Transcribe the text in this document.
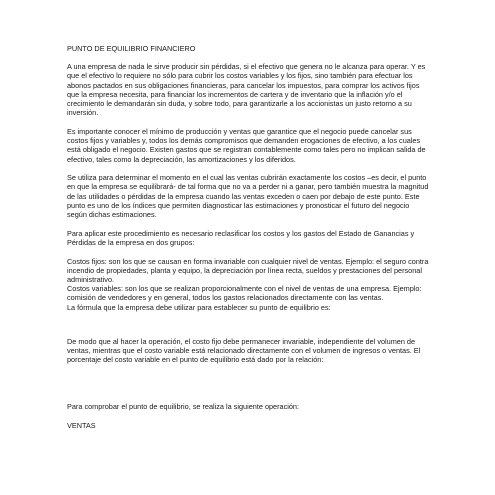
PUNTO DE EQUILIBRIO FINANCIERO

A una empresa de nada le sirve producir sin pérdidas, si el efectivo que genera no le alcanza para operar. Y es que el efectivo lo requiere no sólo para cubrir los costos variables y los fijos, sino también para efectuar los abonos pactados en sus obligaciones financieras, para cancelar los impuestos, para comprar los activos fijos que la empresa necesita, para financiar los incrementos de cartera y de inventario que la inflación y/o el crecimiento le demandarán sin duda, y sobre todo, para garantizarle a los accionistas un justo retorno a su inversión.

Es importante conocer el mínimo de producción y ventas que garantice que el negocio puede cancelar sus costos fijos y variables y, todos los demás compromisos que demanden erogaciones de efectivo, a los cuales está obligado el negocio. Existen gastos que se registran contablemente como tales pero no implican salida de efectivo, tales como la depreciación, las amortizaciones y los diferidos.

Se utiliza para determinar el momento en el cual las ventas cubrirán exactamente los costos –es decir, el punto en que la empresa se equilibrará- de tal forma que no va a perder ni a ganar, pero también muestra la magnitud de las utilidades o pérdidas de la empresa cuando las ventas exceden o caen por debajo de este punto. Este punto es uno de los índices que permiten diagnosticar las estimaciones y pronosticar el futuro del negocio según dichas estimaciones.

Para aplicar este procedimiento es necesario reclasificar los costos y los gastos del Estado de Ganancias y Pérdidas de la empresa en dos grupos:

Costos fijos: son los que se causan en forma invariable con cualquier nivel de ventas. Ejemplo: el seguro contra incendio de propiedades, planta y equipo, la depreciación por línea recta, sueldos y prestaciones del personal administrativo.

Costos variables: son los que se realizan proporcionalmente con el nivel de ventas de una empresa. Ejemplo: comisión de vendedores y en general, todos los gastos relacionados directamente con las ventas.

La fórmula que la empresa debe utilizar para establecer su punto de equilibrio es:

De modo que al hacer la operación, el costo fijo debe permanecer invariable, independiente del volumen de ventas, mientras que el costo variable está relacionado directamente con el volumen de ingresos o ventas. El porcentaje del costo variable en el punto de equilibrio está dado por la relación:

Para comprobar el punto de equilibrio, se realiza la siguiente operación:

VENTAS
